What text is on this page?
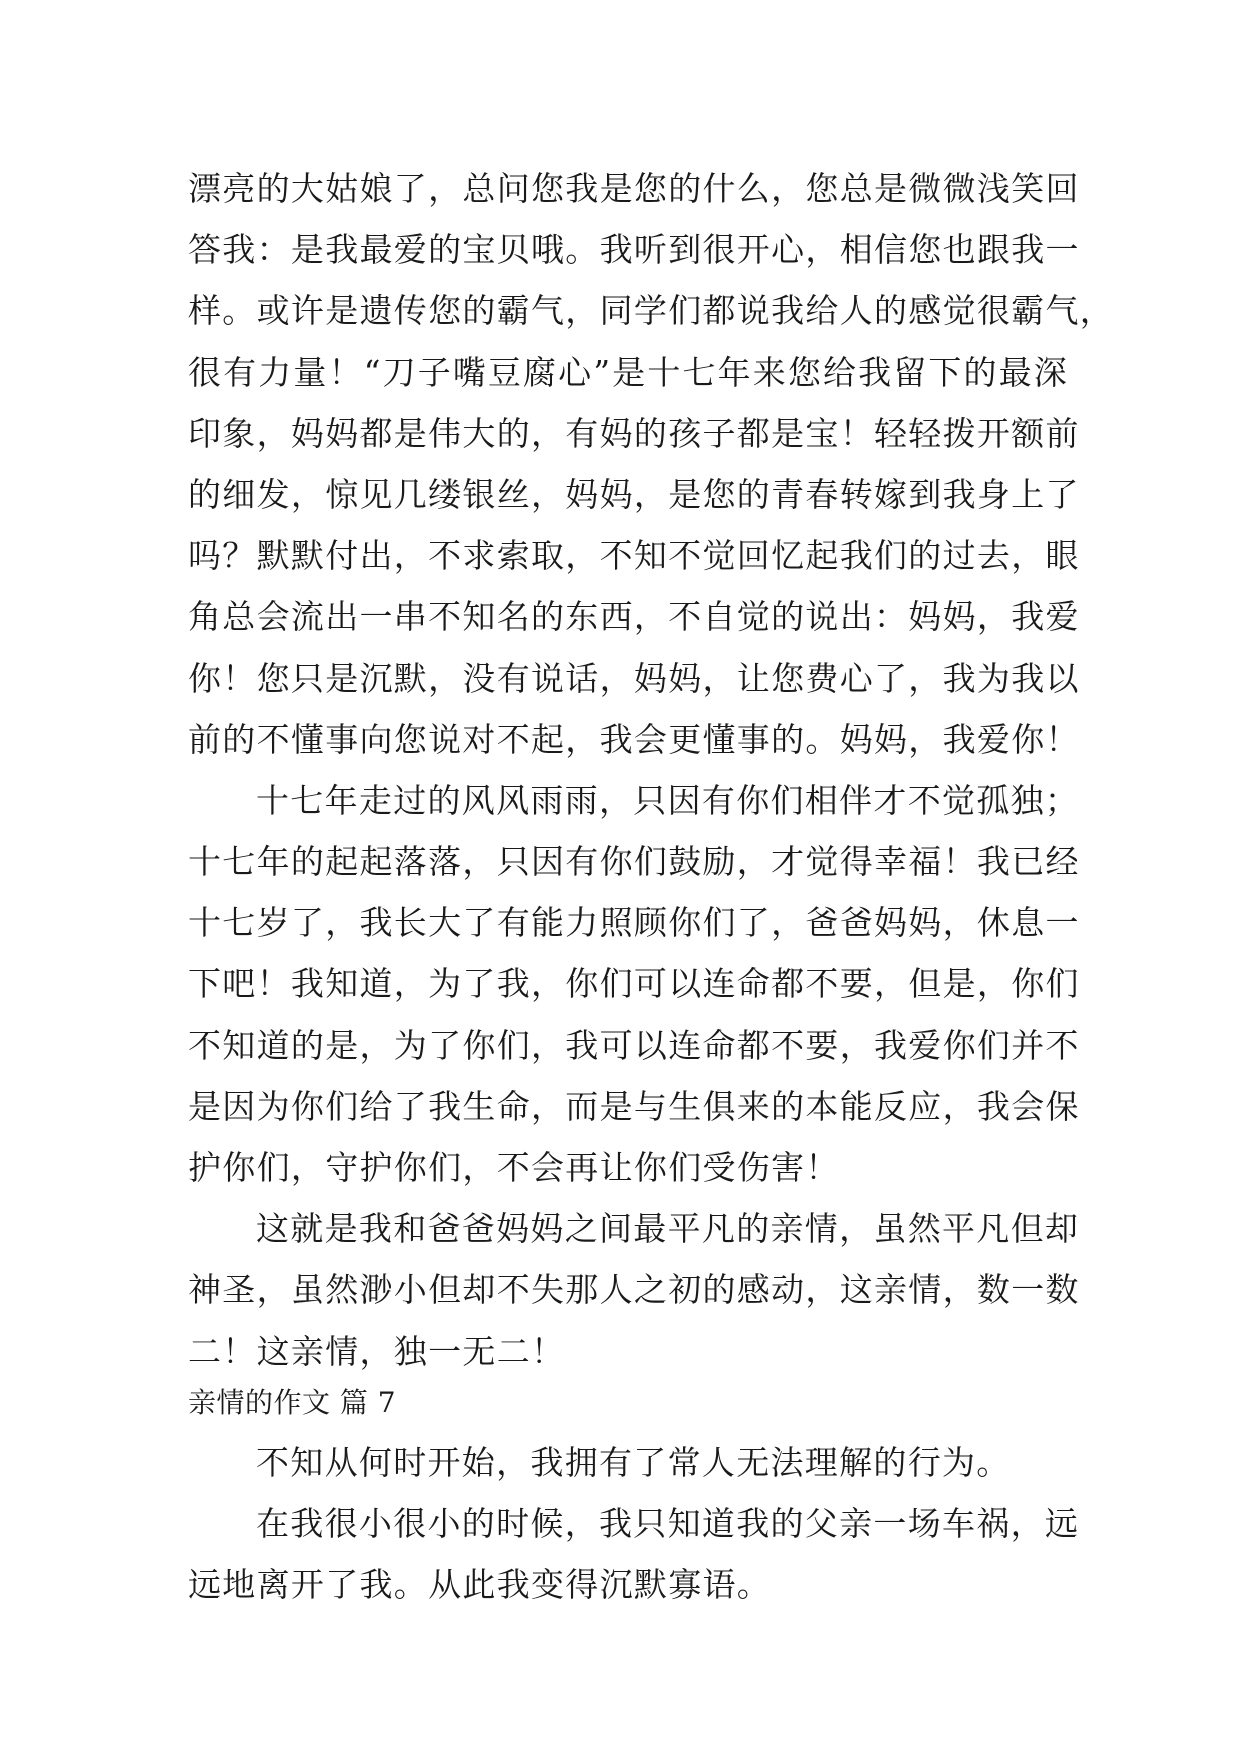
漂亮的大姑娘了，总问您我是您的什么，您总是微微浅笑回
答我：是我最爱的宝贝哦。我听到很开心，相信您也跟我一
样。或许是遗传您的霸气，同学们都说我给人的感觉很霸气，
很有力量！“刀子嘴豆腐心”是十七年来您给我留下的最深
印象，妈妈都是伟大的，有妈的孩子都是宝！轻轻拨开额前
的细发，惊见几缕银丝，妈妈，是您的青春转嫁到我身上了
吗？默默付出，不求索取，不知不觉回忆起我们的过去，眼
角总会流出一串不知名的东西，不自觉的说出：妈妈，我爱
你！您只是沉默，没有说话，妈妈，让您费心了，我为我以
前的不懂事向您说对不起，我会更懂事的。妈妈，我爱你！
十七年走过的风风雨雨，只因有你们相伴才不觉孤独；
十七年的起起落落，只因有你们鼓励，才觉得幸福！我已经
十七岁了，我长大了有能力照顾你们了，爸爸妈妈，休息一
下吧！我知道，为了我，你们可以连命都不要，但是，你们
不知道的是，为了你们，我可以连命都不要，我爱你们并不
是因为你们给了我生命，而是与生俱来的本能反应，我会保
护你们，守护你们，不会再让你们受伤害！
这就是我和爸爸妈妈之间最平凡的亲情，虽然平凡但却
神圣，虽然渺小但却不失那人之初的感动，这亲情，数一数
二！这亲情，独一无二！
亲情的作文 篇 7
不知从何时开始，我拥有了常人无法理解的行为。
在我很小很小的时候，我只知道我的父亲一场车祸，远
远地离开了我。从此我变得沉默寡语。
